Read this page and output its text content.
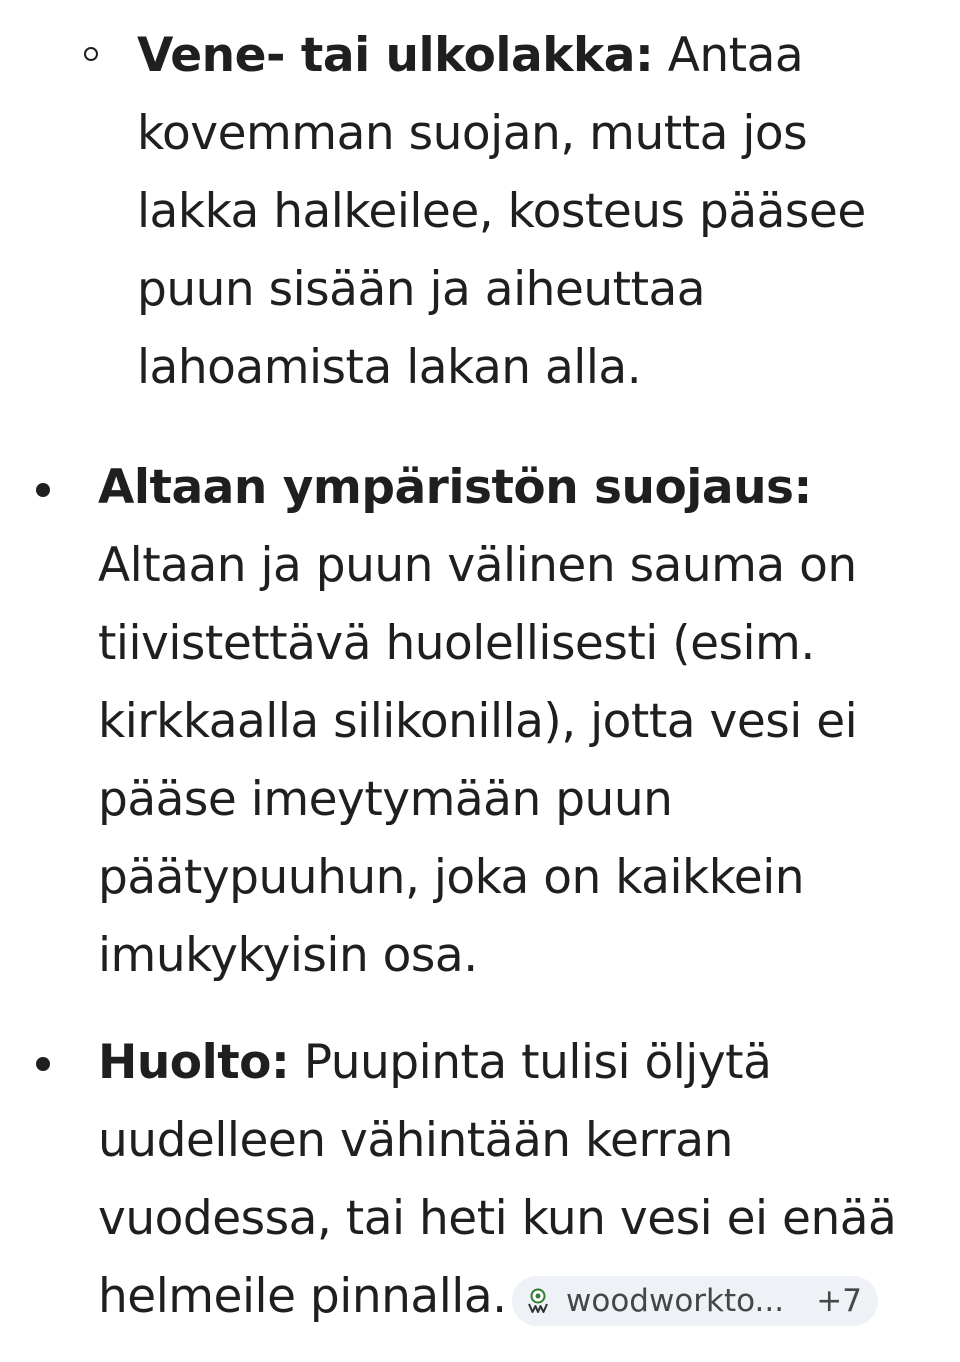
Vene- tai ulkolakka: Antaa

kovemman suojan, mutta jos

lakka halkeilee, kosteus pääsee

puun sisään ja aiheuttaa

lahoamista lakan alla.

Altaan ympäristön suojaus:

Altaan ja puun välinen sauma on

tiivistettävä huolellisesti (esim.

kirkkaalla silikonilla), jotta vesi ei

pääse imeytymään puun

päätypuuhun, joka on kaikkein

imukykyisin osa.

Huolto: Puupinta tulisi öljytä

uudelleen vähintään kerran

vuodessa, tai heti kun vesi ei enää

helmeile pinnalla.	woodworkto...	+7
